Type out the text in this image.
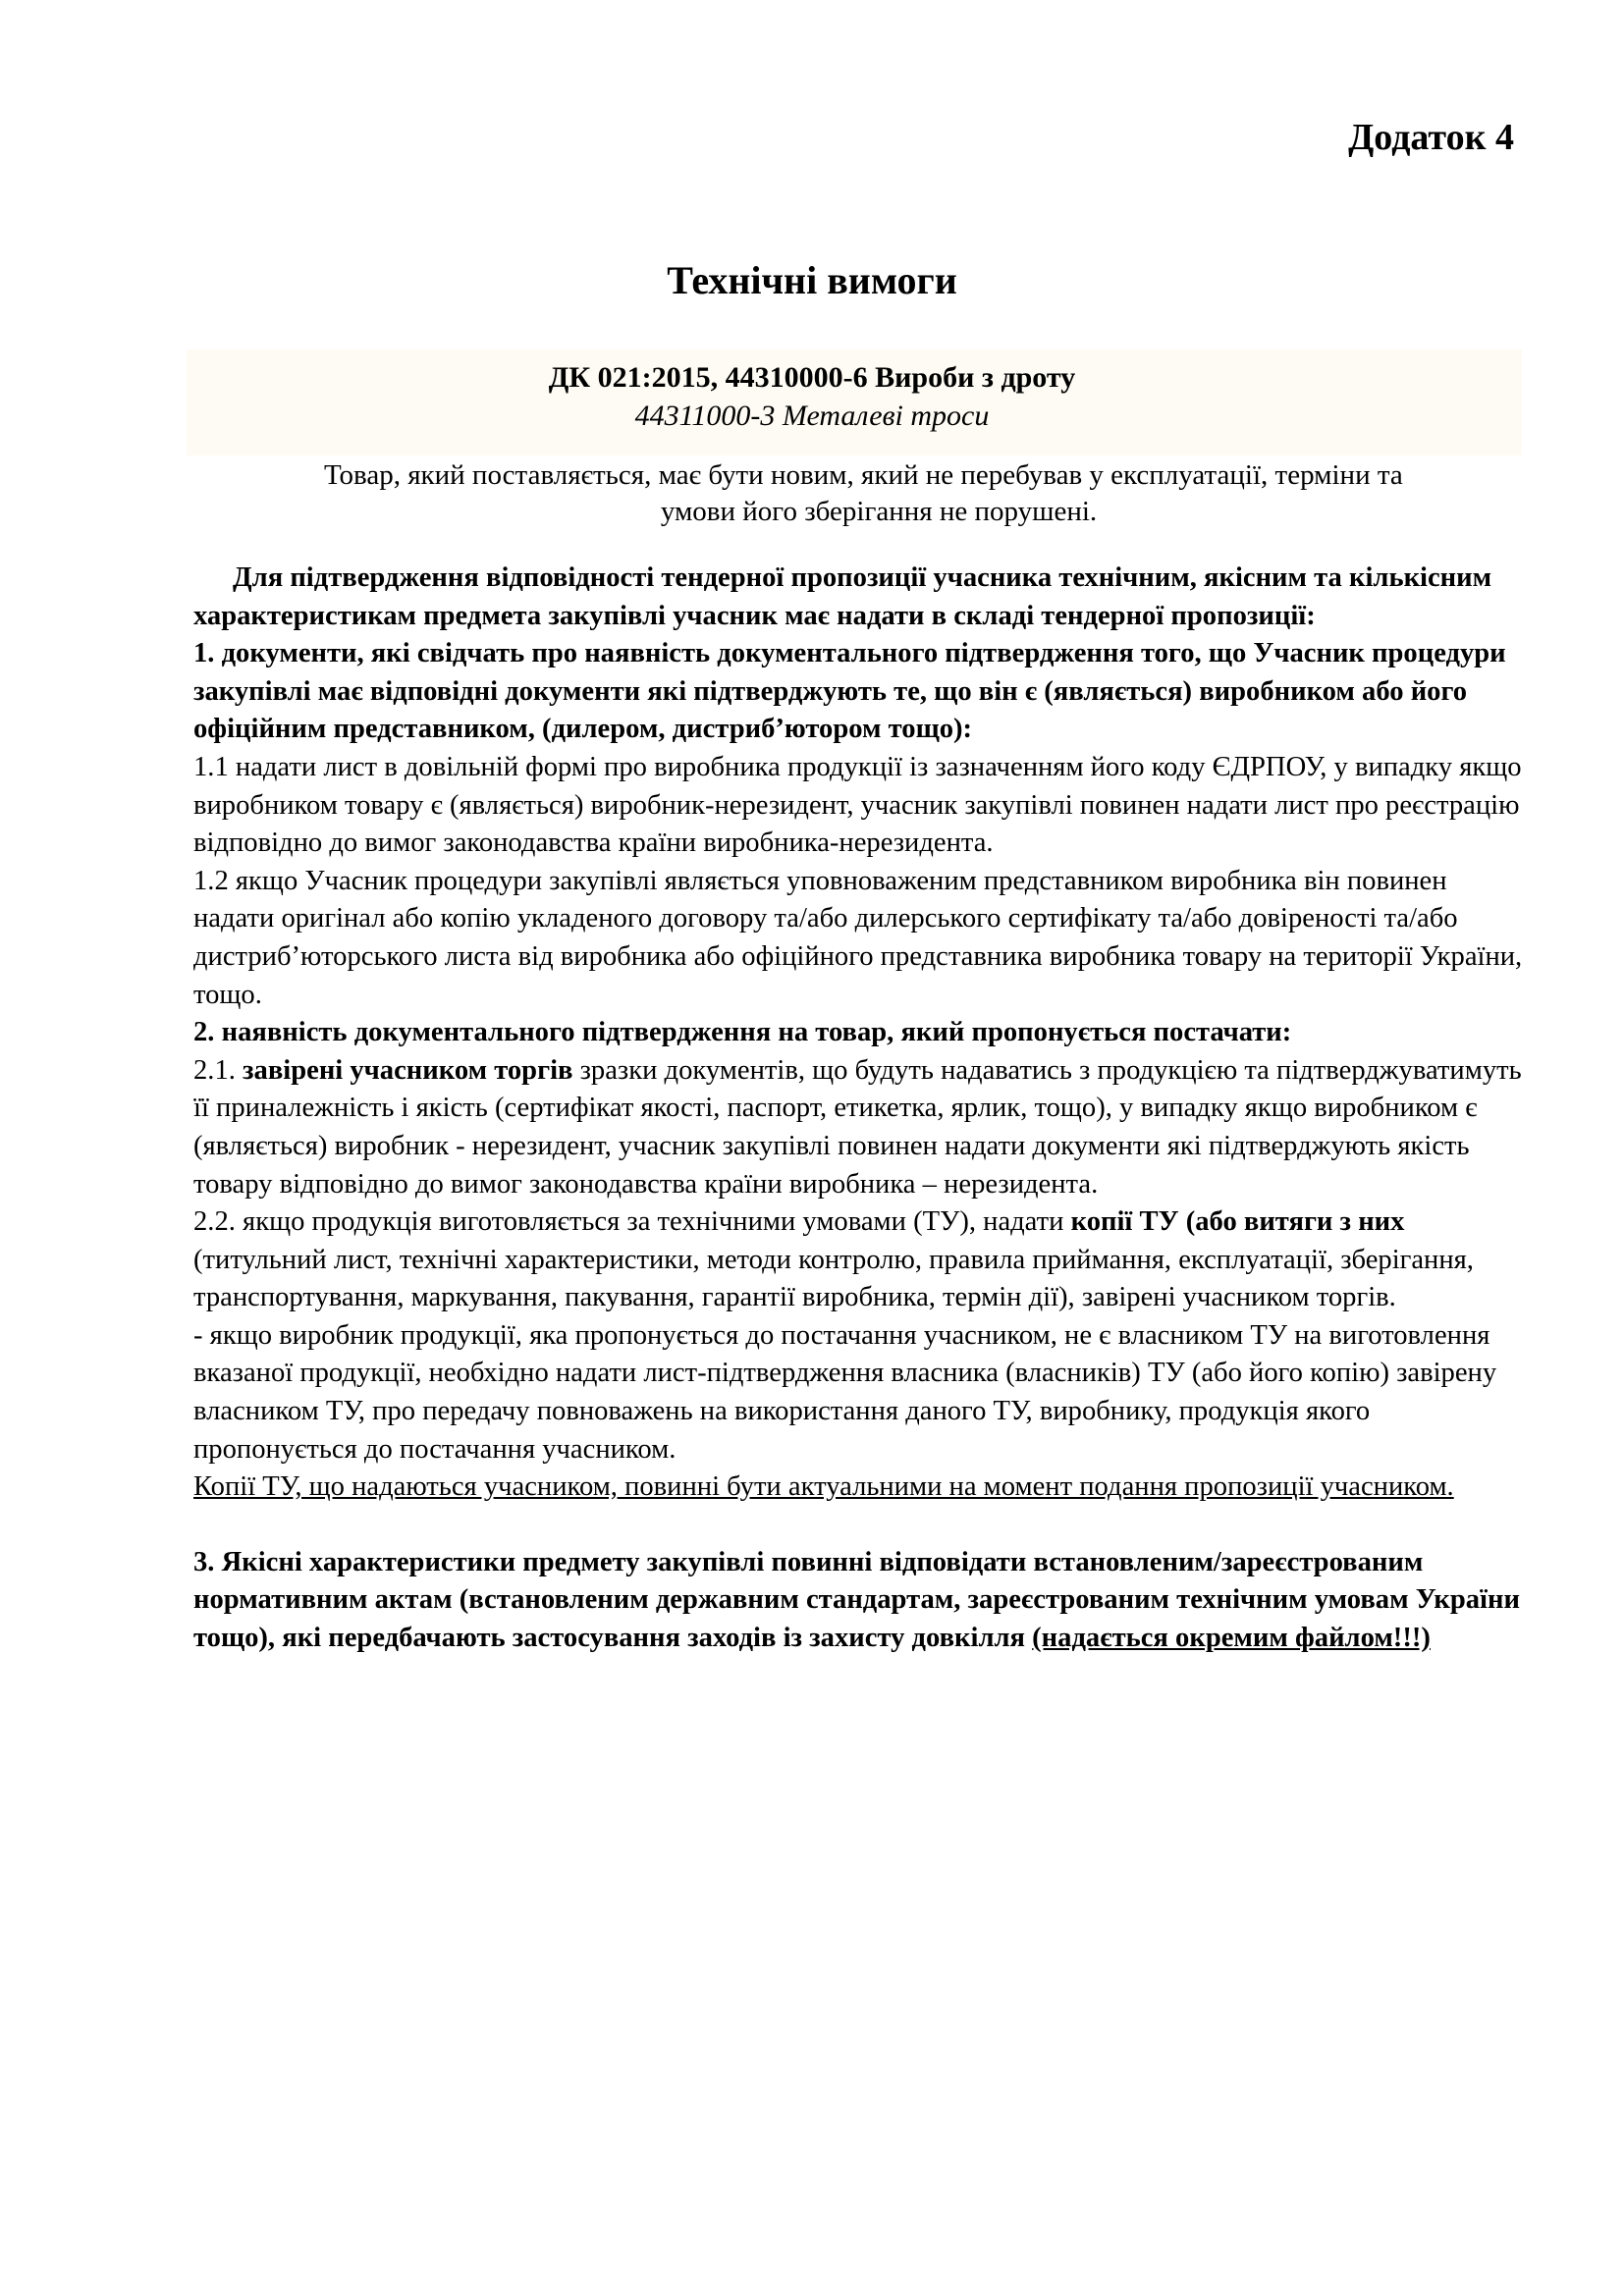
Додаток 4
Технічні вимоги
ДК 021:2015, 44310000-6 Вироби з дроту
44311000-3 Металеві троси
Товар, який поставляється, має бути новим, який не перебував у експлуатації, терміни та
умови його зберігання не порушені.

Для підтвердження відповідності тендерної пропозиції учасника технічним, якісним та кількісним характеристикам предмета закупівлі учасник має надати в складі тендерної пропозиції:

1. документи, які свідчать про наявність документального підтвердження того, що Учасник процедури закупівлі має відповідні документи які підтверджують те, що він є (являється) виробником або його офіційним представником, (дилером, дистриб’ютором тощо):

1.1 надати лист в довільній формі про виробника продукції із зазначенням його коду ЄДРПОУ, у випадку якщо виробником товару є (являється) виробник-нерезидент, учасник закупівлі повинен надати лист про реєстрацію відповідно до вимог законодавства країни виробника-нерезидента.

1.2 якщо Учасник процедури закупівлі являється уповноваженим представником виробника він повинен надати оригінал або копію укладеного договору та/або дилерського сертифікату та/або довіреності та/або дистриб’юторського листа від виробника або офіційного представника виробника товару на території України, тощо.

2. наявність документального підтвердження на товар, який пропонується постачати:

2.1. завірені учасником торгів зразки документів, що будуть надаватись з продукцією та підтверджуватимуть її приналежність і якість (сертифікат якості, паспорт, етикетка, ярлик, тощо), у випадку якщо виробником є (являється) виробник - нерезидент, учасник закупівлі повинен надати документи які підтверджують якість товару відповідно до вимог законодавства країни виробника – нерезидента.

2.2. якщо продукція виготовляється за технічними умовами (ТУ), надати копії ТУ (або витяги з них (титульний лист, технічні характеристики, методи контролю, правила приймання, експлуатації, зберігання, транспортування, маркування, пакування, гарантії виробника, термін дії), завірені учасником торгів.

- якщо виробник продукції, яка пропонується до постачання учасником, не є власником ТУ на виготовлення вказаної продукції, необхідно надати лист-підтвердження власника (власників) ТУ (або його копію) завірену власником ТУ, про передачу повноважень на використання даного ТУ, виробнику, продукція якого пропонується до постачання учасником.

Копії ТУ, що надаються учасником, повинні бути актуальними на момент подання пропозиції учасником.

3. Якісні характеристики предмету закупівлі повинні відповідати встановленим/зареєстрованим нормативним актам (встановленим державним стандартам, зареєстрованим технічним умовам України тощо), які передбачають застосування заходів із захисту довкілля (надається окремим файлом!!!)
